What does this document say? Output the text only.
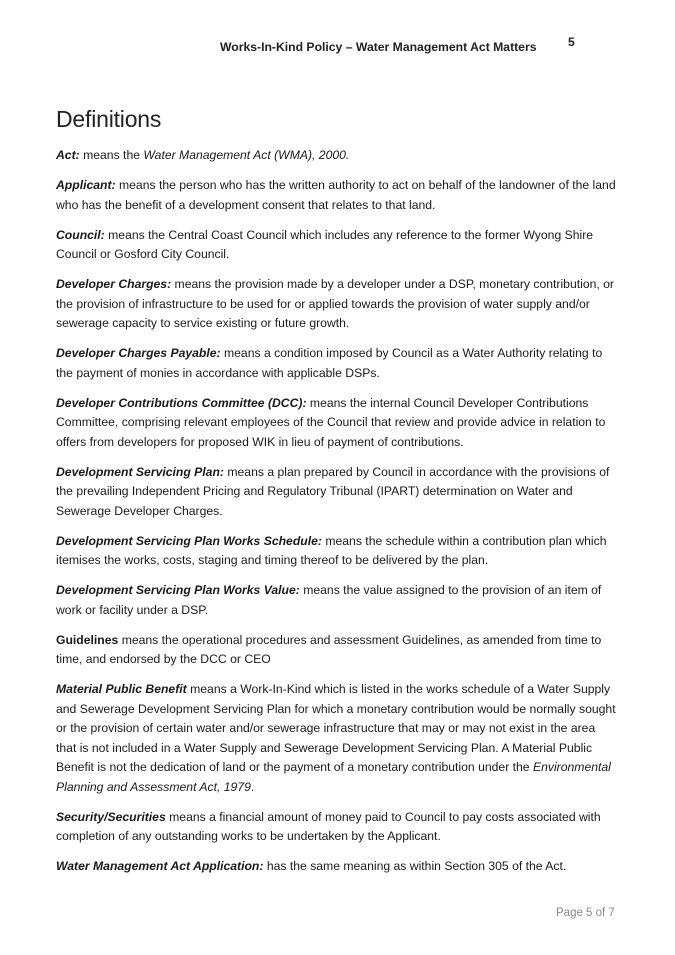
Works-In-Kind Policy – Water Management Act Matters	5
Definitions

Act: means the Water Management Act (WMA), 2000.

Applicant: means the person who has the written authority to act on behalf of the landowner of the land who has the benefit of a development consent that relates to that land.

Council: means the Central Coast Council which includes any reference to the former Wyong Shire Council or Gosford City Council.

Developer Charges: means the provision made by a developer under a DSP, monetary contribution, or the provision of infrastructure to be used for or applied towards the provision of water supply and/or sewerage capacity to service existing or future growth.

Developer Charges Payable: means a condition imposed by Council as a Water Authority relating to the payment of monies in accordance with applicable DSPs.

Developer Contributions Committee (DCC): means the internal Council Developer Contributions Committee, comprising relevant employees of the Council that review and provide advice in relation to offers from developers for proposed WIK in lieu of payment of contributions.

Development Servicing Plan: means a plan prepared by Council in accordance with the provisions of the prevailing Independent Pricing and Regulatory Tribunal (IPART) determination on Water and Sewerage Developer Charges.

Development Servicing Plan Works Schedule: means the schedule within a contribution plan which itemises the works, costs, staging and timing thereof to be delivered by the plan.

Development Servicing Plan Works Value: means the value assigned to the provision of an item of work or facility under a DSP.

Guidelines means the operational procedures and assessment Guidelines, as amended from time to time, and endorsed by the DCC or CEO

Material Public Benefit means a Work-In-Kind which is listed in the works schedule of a Water Supply and Sewerage Development Servicing Plan for which a monetary contribution would be normally sought or the provision of certain water and/or sewerage infrastructure that may or may not exist in the area that is not included in a Water Supply and Sewerage Development Servicing Plan. A Material Public Benefit is not the dedication of land or the payment of a monetary contribution under the Environmental Planning and Assessment Act, 1979.

Security/Securities means a financial amount of money paid to Council to pay costs associated with completion of any outstanding works to be undertaken by the Applicant.

Water Management Act Application: has the same meaning as within Section 305 of the Act.

Page 5 of 7
